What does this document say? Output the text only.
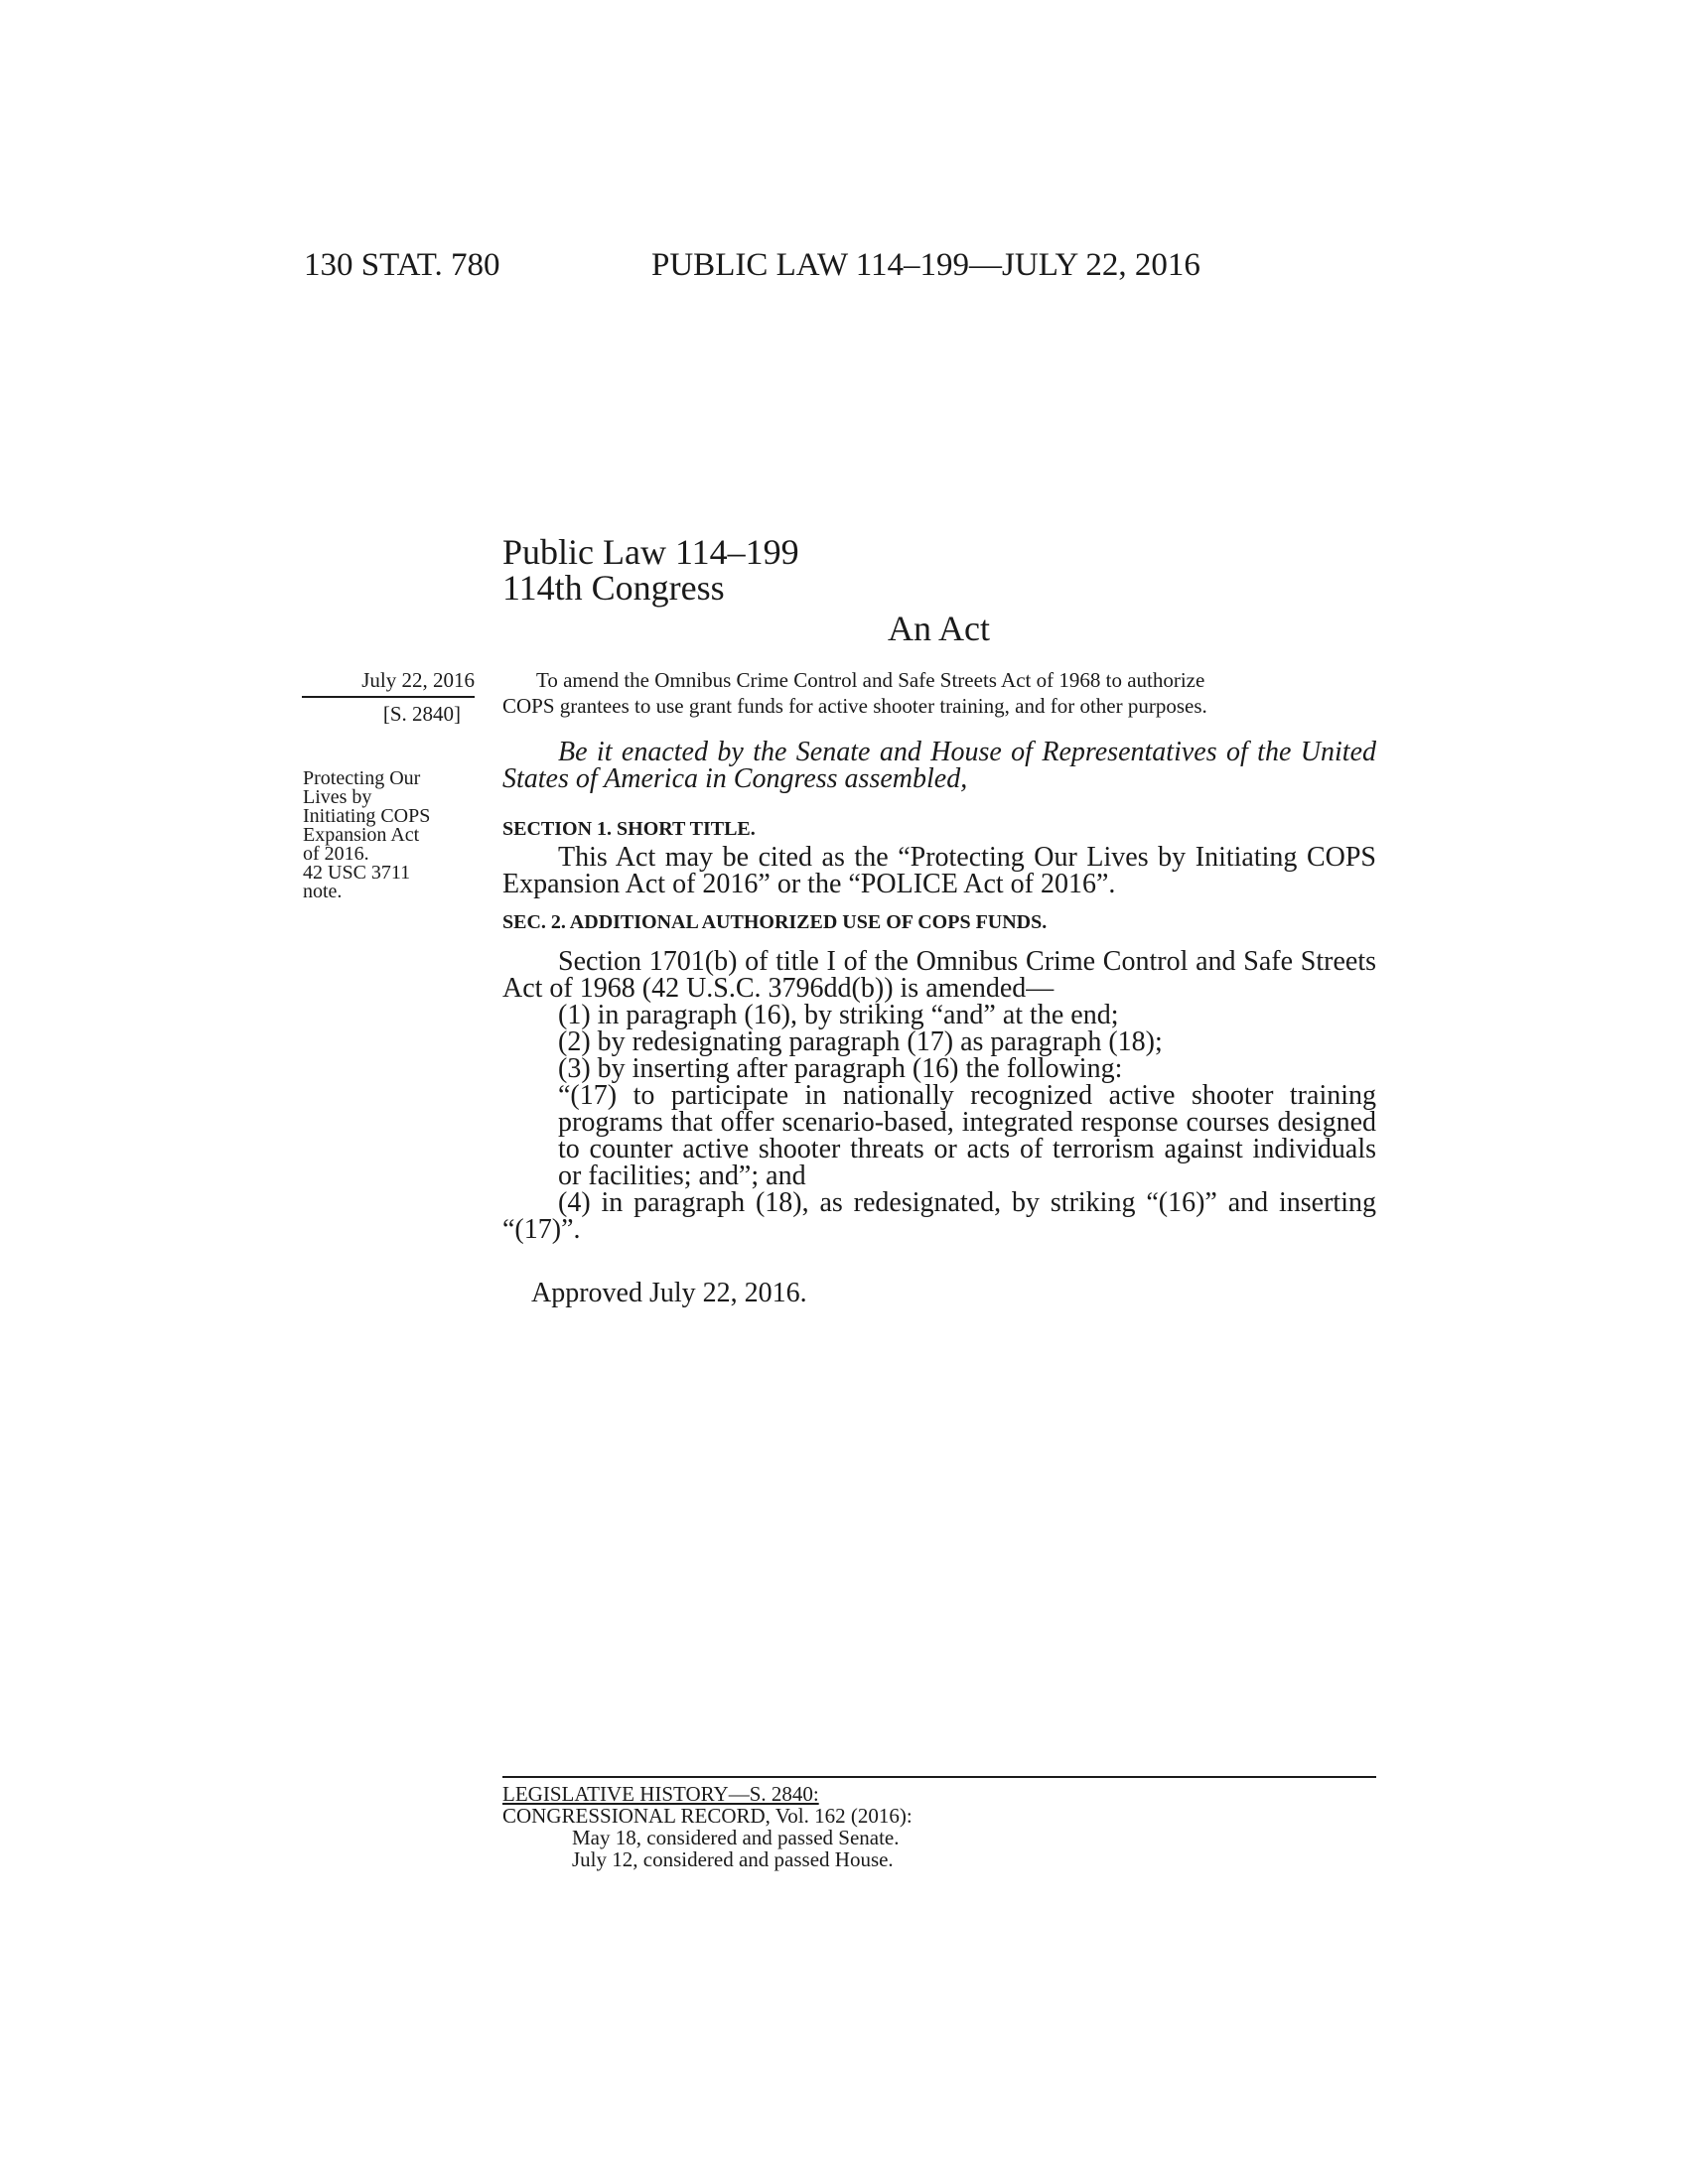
130 STAT. 780	PUBLIC LAW 114–199—JULY 22, 2016
Public Law 114–199
114th Congress
An Act
July 22, 2016
[S. 2840]
Protecting Our
Lives by
Initiating COPS
Expansion Act
of 2016.
42 USC 3711
note.
To amend the Omnibus Crime Control and Safe Streets Act of 1968 to authorize
COPS grantees to use grant funds for active shooter training, and for other purposes.
Be it enacted by the Senate and House of Representatives of the United States of America in Congress assembled,
SECTION 1. SHORT TITLE.
This Act may be cited as the “Protecting Our Lives by Initiating COPS Expansion Act of 2016” or the “POLICE Act of 2016”.
SEC. 2. ADDITIONAL AUTHORIZED USE OF COPS FUNDS.
Section 1701(b) of title I of the Omnibus Crime Control and Safe Streets Act of 1968 (42 U.S.C. 3796dd(b)) is amended—
(1) in paragraph (16), by striking “and” at the end;
(2) by redesignating paragraph (17) as paragraph (18);
(3) by inserting after paragraph (16) the following:
“(17) to participate in nationally recognized active shooter training programs that offer scenario-based, integrated response courses designed to counter active shooter threats or acts of terrorism against individuals or facilities; and”; and
(4) in paragraph (18), as redesignated, by striking “(16)” and inserting “(17)”.
Approved July 22, 2016.
LEGISLATIVE HISTORY—S. 2840:
CONGRESSIONAL RECORD, Vol. 162 (2016):
May 18, considered and passed Senate.
July 12, considered and passed House.
